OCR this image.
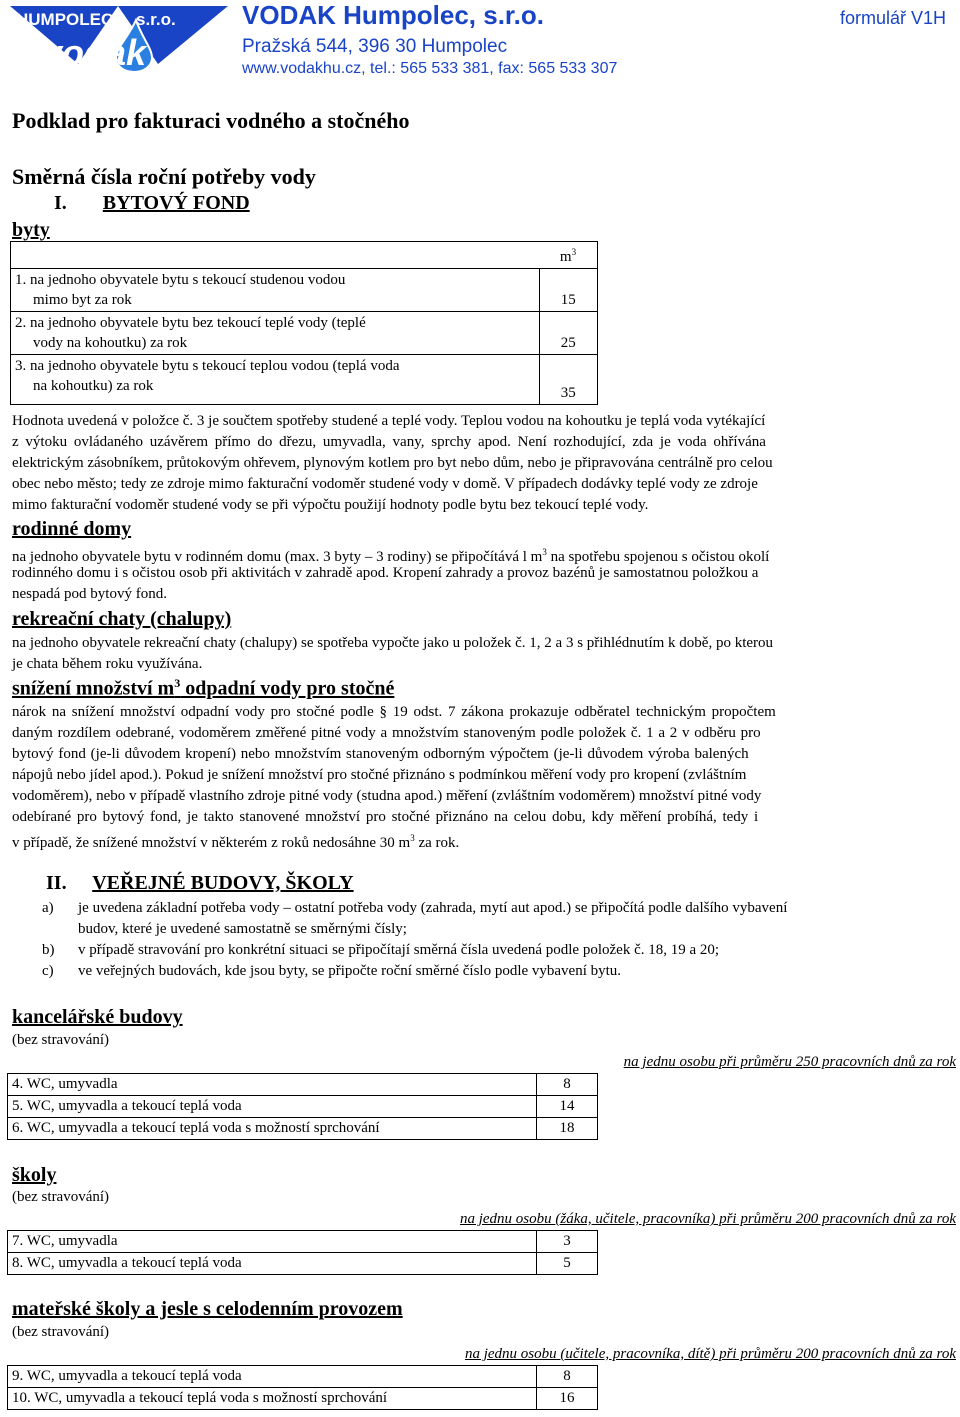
HUMPOLEC s.r.o.
vodak
VODAK Humpolec, s.r.o.
Pražská 544, 396 30 Humpolec
www.vodakhu.cz, tel.: 565 533 381, fax: 565 533 307
formulář V1H
Podklad pro fakturaci vodného a stočného
Směrná čísla roční potřeby vody
I. BYTOVÝ FOND
byty
	$m^3$

1. na jednoho obyvatele bytu s tekoucí studenou vodou
mimo byt za rok	15

2. na jednoho obyvatele bytu bez tekoucí teplé vody (teplé
vody na kohoutku) za rok	25

3. na jednoho obyvatele bytu s tekoucí teplou vodou (teplá voda
na kohoutku) za rok	35
Hodnota uvedená v položce č. 3 je součtem spotřeby studené a teplé vody. Teplou vodou na kohoutku je teplá voda vytékající
z výtoku ovládaného uzávěrem přímo do dřezu, umyvadla, vany, sprchy apod. Není rozhodující, zda je voda ohřívána
elektrickým zásobníkem, průtokovým ohřevem, plynovým kotlem pro byt nebo dům, nebo je připravována centrálně pro celou
obec nebo město; tedy ze zdroje mimo fakturační vodoměr studené vody v domě. V případech dodávky teplé vody ze zdroje
mimo fakturační vodoměr studené vody se při výpočtu použijí hodnoty podle bytu bez tekoucí teplé vody.
rodinné domy
na jednoho obyvatele bytu v rodinném domu (max. 3 byty – 3 rodiny) se připočítává l $m^3$ na spotřebu spojenou s očistou okolí
rodinného domu i s očistou osob při aktivitách v zahradě apod. Kropení zahrady a provoz bazénů je samostatnou položkou a
nespadá pod bytový fond.
rekreační chaty (chalupy)
na jednoho obyvatele rekreační chaty (chalupy) se spotřeba vypočte jako u položek č. 1, 2 a 3 s přihlédnutím k době, po kterou
je chata během roku využívána.
snížení množství $m^3$ odpadní vody pro stočné
nárok na snížení množství odpadní vody pro stočné podle § 19 odst. 7 zákona prokazuje odběratel technickým propočtem
daným rozdílem odebrané, vodoměrem změřené pitné vody a množstvím stanoveným podle položek č. 1 a 2 v odběru pro
bytový fond (je-li důvodem kropení) nebo množstvím stanoveným odborným výpočtem (je-li důvodem výroba balených
nápojů nebo jídel apod.). Pokud je snížení množství pro stočné přiznáno s podmínkou měření vody pro kropení (zvláštním
vodoměrem), nebo v případě vlastního zdroje pitné vody (studna apod.) měření (zvláštním vodoměrem) množství pitné vody
odebírané pro bytový fond, je takto stanovené množství pro stočné přiznáno na celou dobu, kdy měření probíhá, tedy i
v případě, že snížené množství v některém z roků nedosáhne 30 $m^3$ za rok.
II. VEŘEJNÉ BUDOVY, ŠKOLY
a) je uvedena základní potřeba vody – ostatní potřeba vody (zahrada, mytí aut apod.) se připočítá podle dalšího vybavení
budov, které je uvedené samostatně se směrnými čísly;
b) v případě stravování pro konkrétní situaci se připočítají směrná čísla uvedená podle položek č. 18, 19 a 20;
c) ve veřejných budovách, kde jsou byty, se připočte roční směrné číslo podle vybavení bytu.
kancelářské budovy
(bez stravování)
na jednu osobu při průměru 250 pracovních dnů za rok
4. WC, umyvadla	8
5. WC, umyvadla a tekoucí teplá voda	14
6. WC, umyvadla a tekoucí teplá voda s možností sprchování	18
školy
(bez stravování)
na jednu osobu (žáka, učitele, pracovníka) při průměru 200 pracovních dnů za rok
7. WC, umyvadla	3
8. WC, umyvadla a tekoucí teplá voda	5
mateřské školy a jesle s celodenním provozem
(bez stravování)
na jednu osobu (učitele, pracovníka, dítě) při průměru 200 pracovních dnů za rok
9. WC, umyvadla a tekoucí teplá voda	8
10. WC, umyvadla a tekoucí teplá voda s možností sprchování	16
